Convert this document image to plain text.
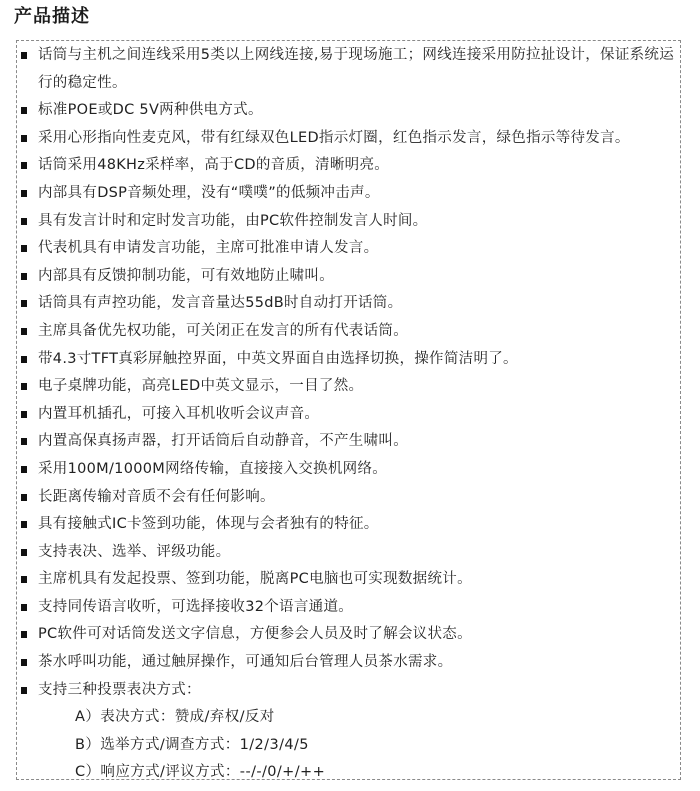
产品描述
话筒与主机之间连线采用5类以上网线连接,易于现场施工；网线连接采用防拉扯设计，保证系统运行的稳定性。
标准POE或DC 5V两种供电方式。
采用心形指向性麦克风，带有红绿双色LED指示灯圈，红色指示发言，绿色指示等待发言。
话筒采用48KHz采样率，高于CD的音质，清晰明亮。
内部具有DSP音频处理，没有“噗噗”的低频冲击声。
具有发言计时和定时发言功能，由PC软件控制发言人时间。
代表机具有申请发言功能，主席可批准申请人发言。
内部具有反馈抑制功能，可有效地防止啸叫。
话筒具有声控功能，发言音量达55dB时自动打开话筒。
主席具备优先权功能，可关闭正在发言的所有代表话筒。
带4.3寸TFT真彩屏触控界面，中英文界面自由选择切换，操作简洁明了。
电子桌牌功能，高亮LED中英文显示，一目了然。
内置耳机插孔，可接入耳机收听会议声音。
内置高保真扬声器，打开话筒后自动静音，不产生啸叫。
采用100M/1000M网络传输，直接接入交换机网络。
长距离传输对音质不会有任何影响。
具有接触式IC卡签到功能，体现与会者独有的特征。
支持表决、选举、评级功能。
主席机具有发起投票、签到功能，脱离PC电脑也可实现数据统计。
支持同传语言收听，可选择接收32个语言通道。
PC软件可对话筒发送文字信息，方便参会人员及时了解会议状态。
茶水呼叫功能，通过触屏操作，可通知后台管理人员茶水需求。
支持三种投票表决方式：
A）表决方式：赞成/弃权/反对
B）选举方式/调查方式：1/2/3/4/5
C）响应方式/评议方式：--/-/0/+/++
